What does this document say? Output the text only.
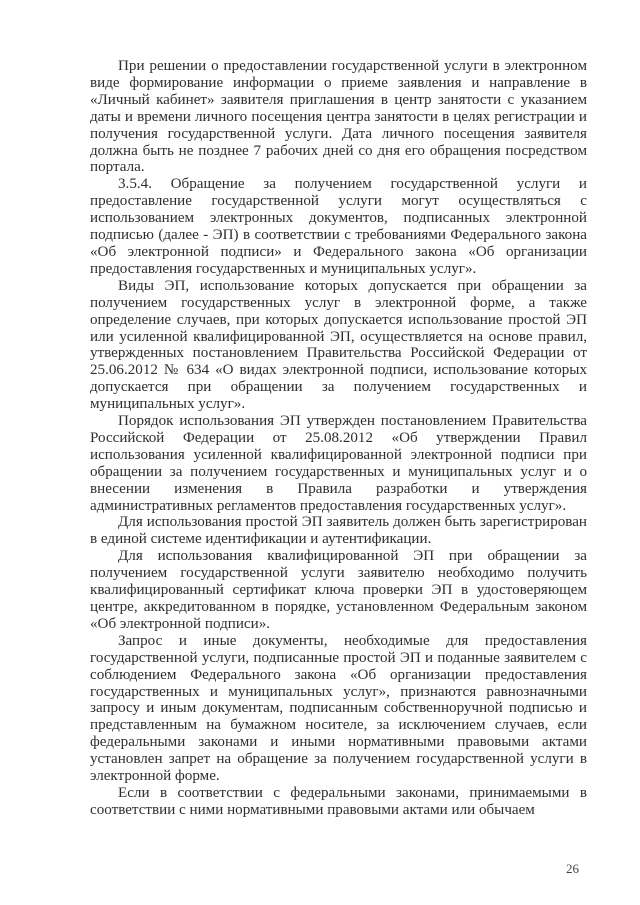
При решении о предоставлении государственной услуги в электронном виде формирование информации о приеме заявления и направление в «Личный кабинет» заявителя приглашения в центр занятости с указанием даты и времени личного посещения центра занятости в целях регистрации и получения государственной услуги. Дата личного посещения заявителя должна быть не позднее 7 рабочих дней со дня его обращения посредством портала.

3.5.4. Обращение за получением государственной услуги и предоставление государственной услуги могут осуществляться с использованием электронных документов, подписанных электронной подписью (далее - ЭП) в соответствии с требованиями Федерального закона «Об электронной подписи» и Федерального закона «Об организации предоставления государственных и муниципальных услуг».

Виды ЭП, использование которых допускается при обращении за получением государственных услуг в электронной форме, а также определение случаев, при которых допускается использование простой ЭП или усиленной квалифицированной ЭП, осуществляется на основе правил, утвержденных постановлением Правительства Российской Федерации от 25.06.2012 № 634 «О видах электронной подписи, использование которых допускается при обращении за получением государственных и муниципальных услуг».

Порядок использования ЭП утвержден постановлением Правительства Российской Федерации от 25.08.2012 «Об утверждении Правил использования усиленной квалифицированной электронной подписи при обращении за получением государственных и муниципальных услуг и о внесении изменения в Правила разработки и утверждения административных регламентов предоставления государственных услуг».

Для использования простой ЭП заявитель должен быть зарегистрирован в единой системе идентификации и аутентификации.

Для использования квалифицированной ЭП при обращении за получением государственной услуги заявителю необходимо получить квалифицированный сертификат ключа проверки ЭП в удостоверяющем центре, аккредитованном в порядке, установленном Федеральным законом «Об электронной подписи».

Запрос и иные документы, необходимые для предоставления государственной услуги, подписанные простой ЭП и поданные заявителем с соблюдением Федерального закона «Об организации предоставления государственных и муниципальных услуг», признаются равнозначными запросу и иным документам, подписанным собственноручной подписью и представленным на бумажном носителе, за исключением случаев, если федеральными законами и иными нормативными правовыми актами установлен запрет на обращение за получением государственной услуги в электронной форме.

Если в соответствии с федеральными законами, принимаемыми в соответствии с ними нормативными правовыми актами или обычаем

26
